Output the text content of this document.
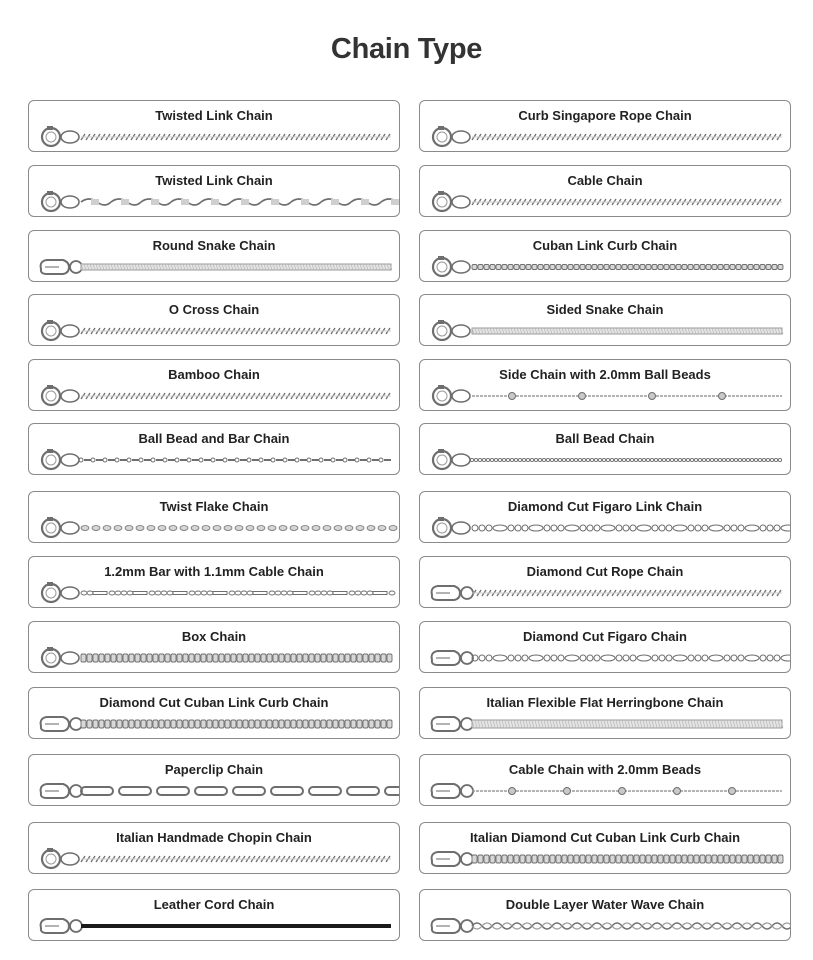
Chain Type
Twisted Link Chain
Twisted Link Chain
Round Snake Chain
O Cross Chain
Bamboo Chain
Ball Bead and Bar Chain
Twist Flake Chain
1.2mm Bar with 1.1mm Cable Chain
Box Chain
Diamond Cut Cuban Link Curb Chain
Paperclip Chain
Italian Handmade Chopin Chain
Leather Cord Chain
Curb Singapore Rope Chain
Cable Chain
Cuban Link Curb Chain
Sided Snake Chain
Side Chain with 2.0mm Ball Beads
Ball Bead Chain
Diamond Cut Figaro Link Chain
Diamond Cut Rope Chain
Diamond Cut Figaro Chain
Italian Flexible Flat Herringbone Chain
Cable Chain with 2.0mm Beads
Italian Diamond Cut Cuban Link Curb Chain
Double Layer Water Wave Chain
